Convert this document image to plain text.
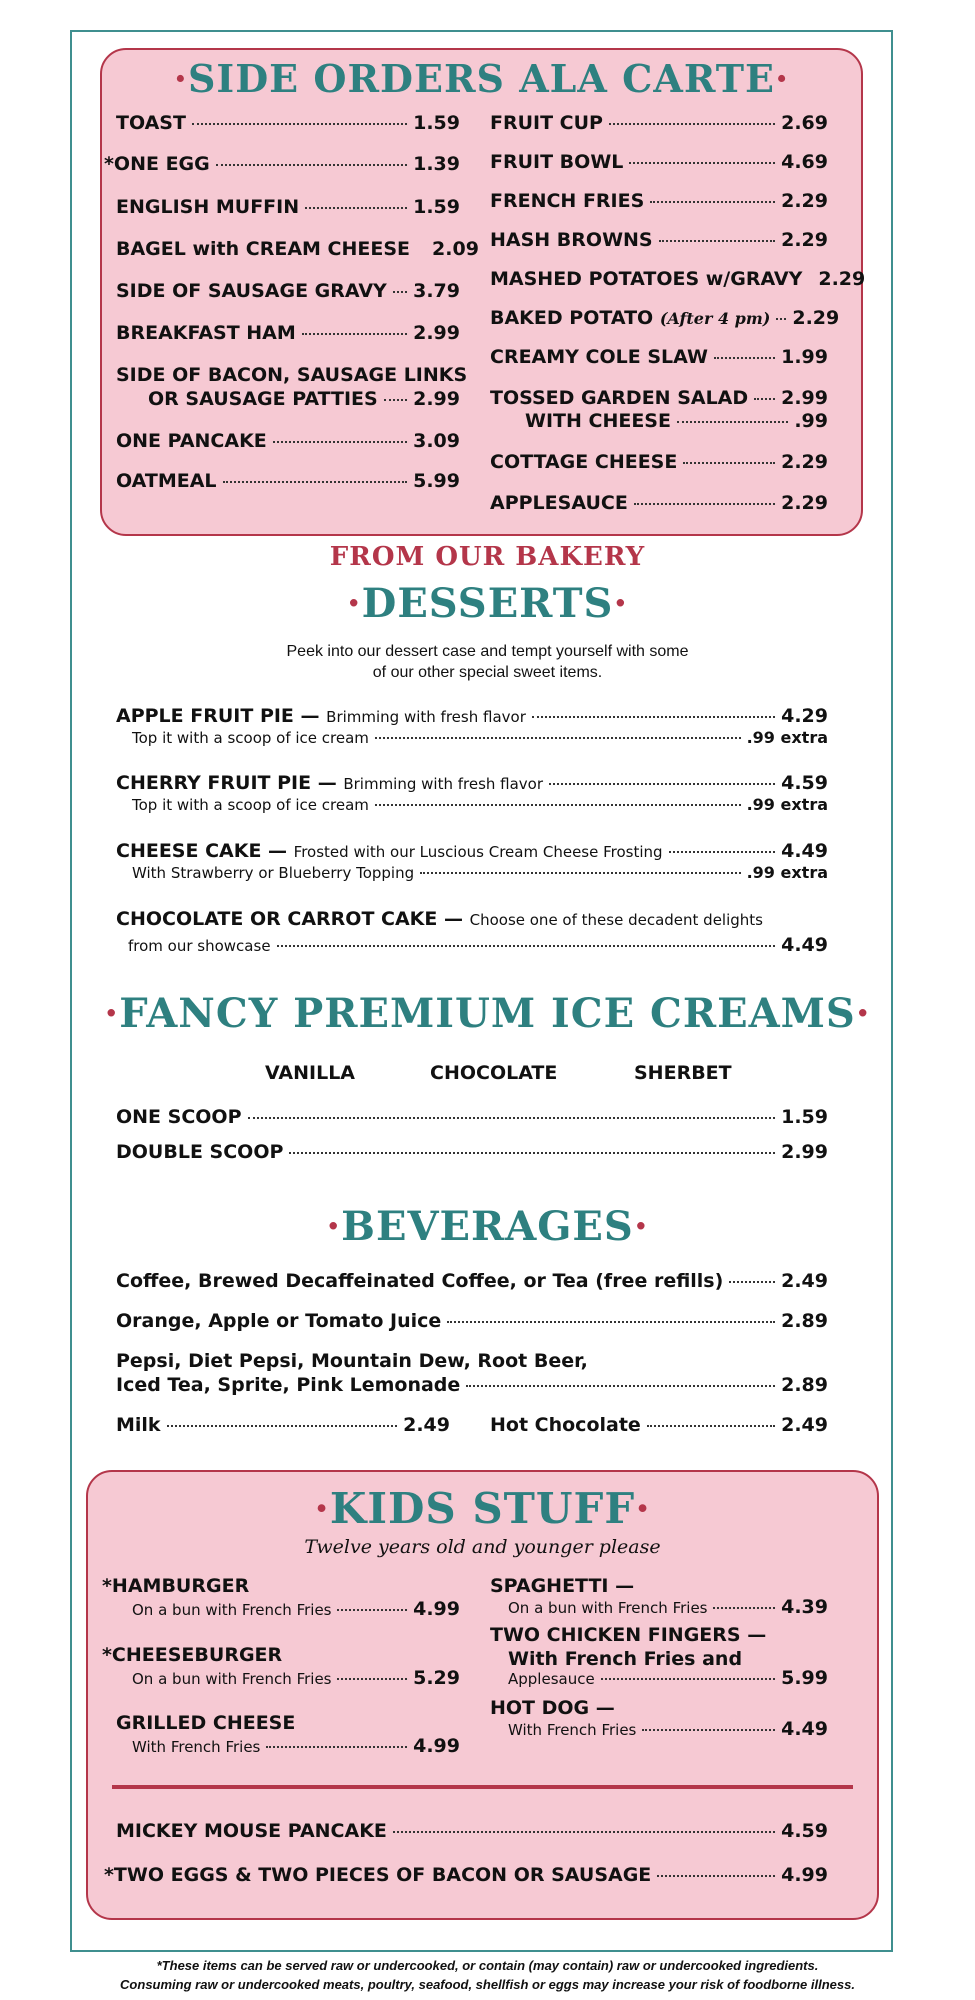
·SIDE ORDERS ALA CARTE·
TOAST	1.59
*ONE EGG	1.39
ENGLISH MUFFIN	1.59
BAGEL with CREAM CHEESE 2.09
SIDE OF SAUSAGE GRAVY 3.79
BREAKFAST HAM	2.99
SIDE OF BACON, SAUSAGE LINKS
OR SAUSAGE PATTIES 2.99
ONE PANCAKE	3.09
OATMEAL	5.99
FRUIT CUP	2.69
FRUIT BOWL	4.69
FRENCH FRIES	2.29
HASH BROWNS	2.29
MASHED POTATOES w/GRAVY 2.29
BAKED POTATO
(After 4 pm) 2.29
CREAMY COLE SLAW	1.99
TOSSED GARDEN SALAD 2.99
WITH CHEESE	.99
COTTAGE CHEESE	2.29
APPLESAUCE	2.29
FROM OUR BAKERY
·DESSERTS·
Peek into our dessert case and tempt yourself with some
of our other special sweet items.
APPLE FRUIT PIE —
Brimming with fresh flavor	4.29
Top it with a scoop of ice cream	.99 extra
CHERRY FRUIT PIE —
Brimming with fresh flavor	4.59
Top it with a scoop of ice cream	.99 extra
CHEESE CAKE —
Frosted with our Luscious Cream Cheese Frosting	4.49
With Strawberry or Blueberry Topping	.99 extra
CHOCOLATE OR CARROT CAKE —
Choose one of these decadent delights
from our showcase	4.49
·FANCY PREMIUM ICE CREAMS·
VANILLA	CHOCOLATE	SHERBET
ONE SCOOP	1.59
DOUBLE SCOOP	2.99
·BEVERAGES·
Coffee, Brewed Decaffeinated Coffee, or Tea (free refills)	2.49
Orange, Apple or Tomato Juice	2.89
Pepsi, Diet Pepsi, Mountain Dew, Root Beer,
Iced Tea, Sprite, Pink Lemonade	2.89
Milk	2.49 Hot Chocolate	2.49
·KIDS STUFF·
Twelve years old and younger please
*HAMBURGER
On a bun with French Fries	4.99
*CHEESEBURGER
On a bun with French Fries	5.29
GRILLED CHEESE
With French Fries	4.99
SPAGHETTI —
On a bun with French Fries	4.39
TWO CHICKEN FINGERS —
With French Fries and
Applesauce	5.99
HOT DOG —
With French Fries	4.49
MICKEY MOUSE PANCAKE	4.59
*TWO EGGS & TWO PIECES OF BACON OR SAUSAGE	4.99
*These items can be served raw or undercooked, or contain (may contain) raw or undercooked ingredients.
Consuming raw or undercooked meats, poultry, seafood, shellfish or eggs may increase your risk of foodborne illness.
